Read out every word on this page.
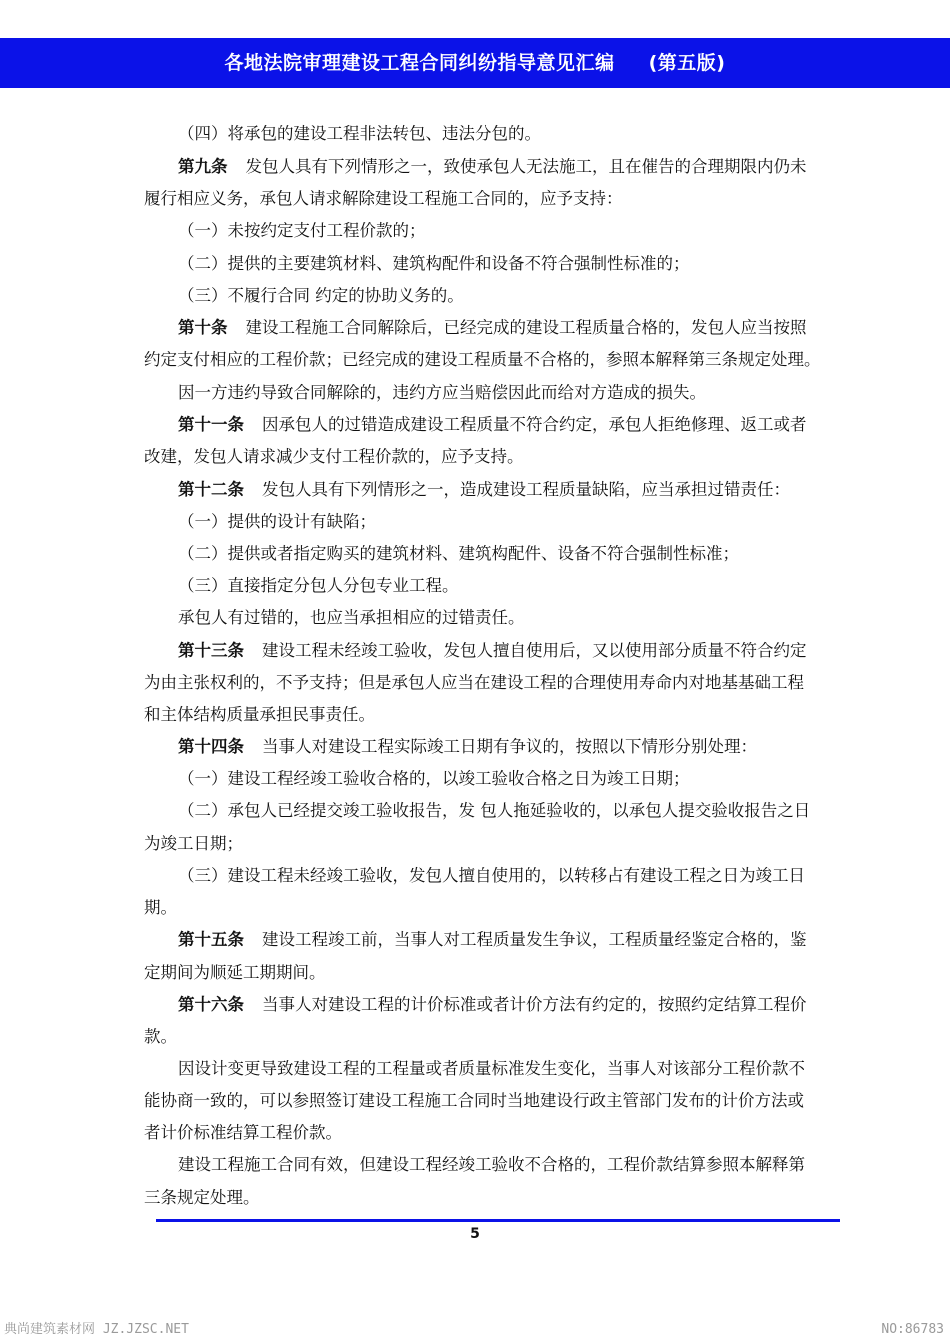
各地法院审理建设工程合同纠纷指导意见汇编 (第五版)
（四）将承包的建设工程非法转包、违法分包的。
第九条 发包人具有下列情形之一，致使承包人无法施工，且在催告的合理期限内仍未
履行相应义务，承包人请求解除建设工程施工合同的，应予支持：
（一）未按约定支付工程价款的；
（二）提供的主要建筑材料、建筑构配件和设备不符合强制性标准的；
（三）不履行合同 约定的协助义务的。
第十条 建设工程施工合同解除后，已经完成的建设工程质量合格的，发包人应当按照
约定支付相应的工程价款；已经完成的建设工程质量不合格的，参照本解释第三条规定处理。
因一方违约导致合同解除的，违约方应当赔偿因此而给对方造成的损失。
第十一条 因承包人的过错造成建设工程质量不符合约定，承包人拒绝修理、返工或者
改建，发包人请求减少支付工程价款的，应予支持。
第十二条 发包人具有下列情形之一，造成建设工程质量缺陷，应当承担过错责任：
（一）提供的设计有缺陷；
（二）提供或者指定购买的建筑材料、建筑构配件、设备不符合强制性标准；
（三）直接指定分包人分包专业工程。
承包人有过错的，也应当承担相应的过错责任。
第十三条 建设工程未经竣工验收，发包人擅自使用后，又以使用部分质量不符合约定
为由主张权利的，不予支持；但是承包人应当在建设工程的合理使用寿命内对地基基础工程
和主体结构质量承担民事责任。
第十四条 当事人对建设工程实际竣工日期有争议的，按照以下情形分别处理：
（一）建设工程经竣工验收合格的，以竣工验收合格之日为竣工日期；
（二）承包人已经提交竣工验收报告，发 包人拖延验收的，以承包人提交验收报告之日
为竣工日期；
（三）建设工程未经竣工验收，发包人擅自使用的，以转移占有建设工程之日为竣工日
期。
第十五条 建设工程竣工前，当事人对工程质量发生争议，工程质量经鉴定合格的，鉴
定期间为顺延工期期间。
第十六条 当事人对建设工程的计价标准或者计价方法有约定的，按照约定结算工程价
款。
因设计变更导致建设工程的工程量或者质量标准发生变化，当事人对该部分工程价款不
能协商一致的，可以参照签订建设工程施工合同时当地建设行政主管部门发布的计价方法或
者计价标准结算工程价款。
建设工程施工合同有效，但建设工程经竣工验收不合格的，工程价款结算参照本解释第
三条规定处理。
5
典尚建筑素材网 JZ.JZSC.NET	NO:86783
